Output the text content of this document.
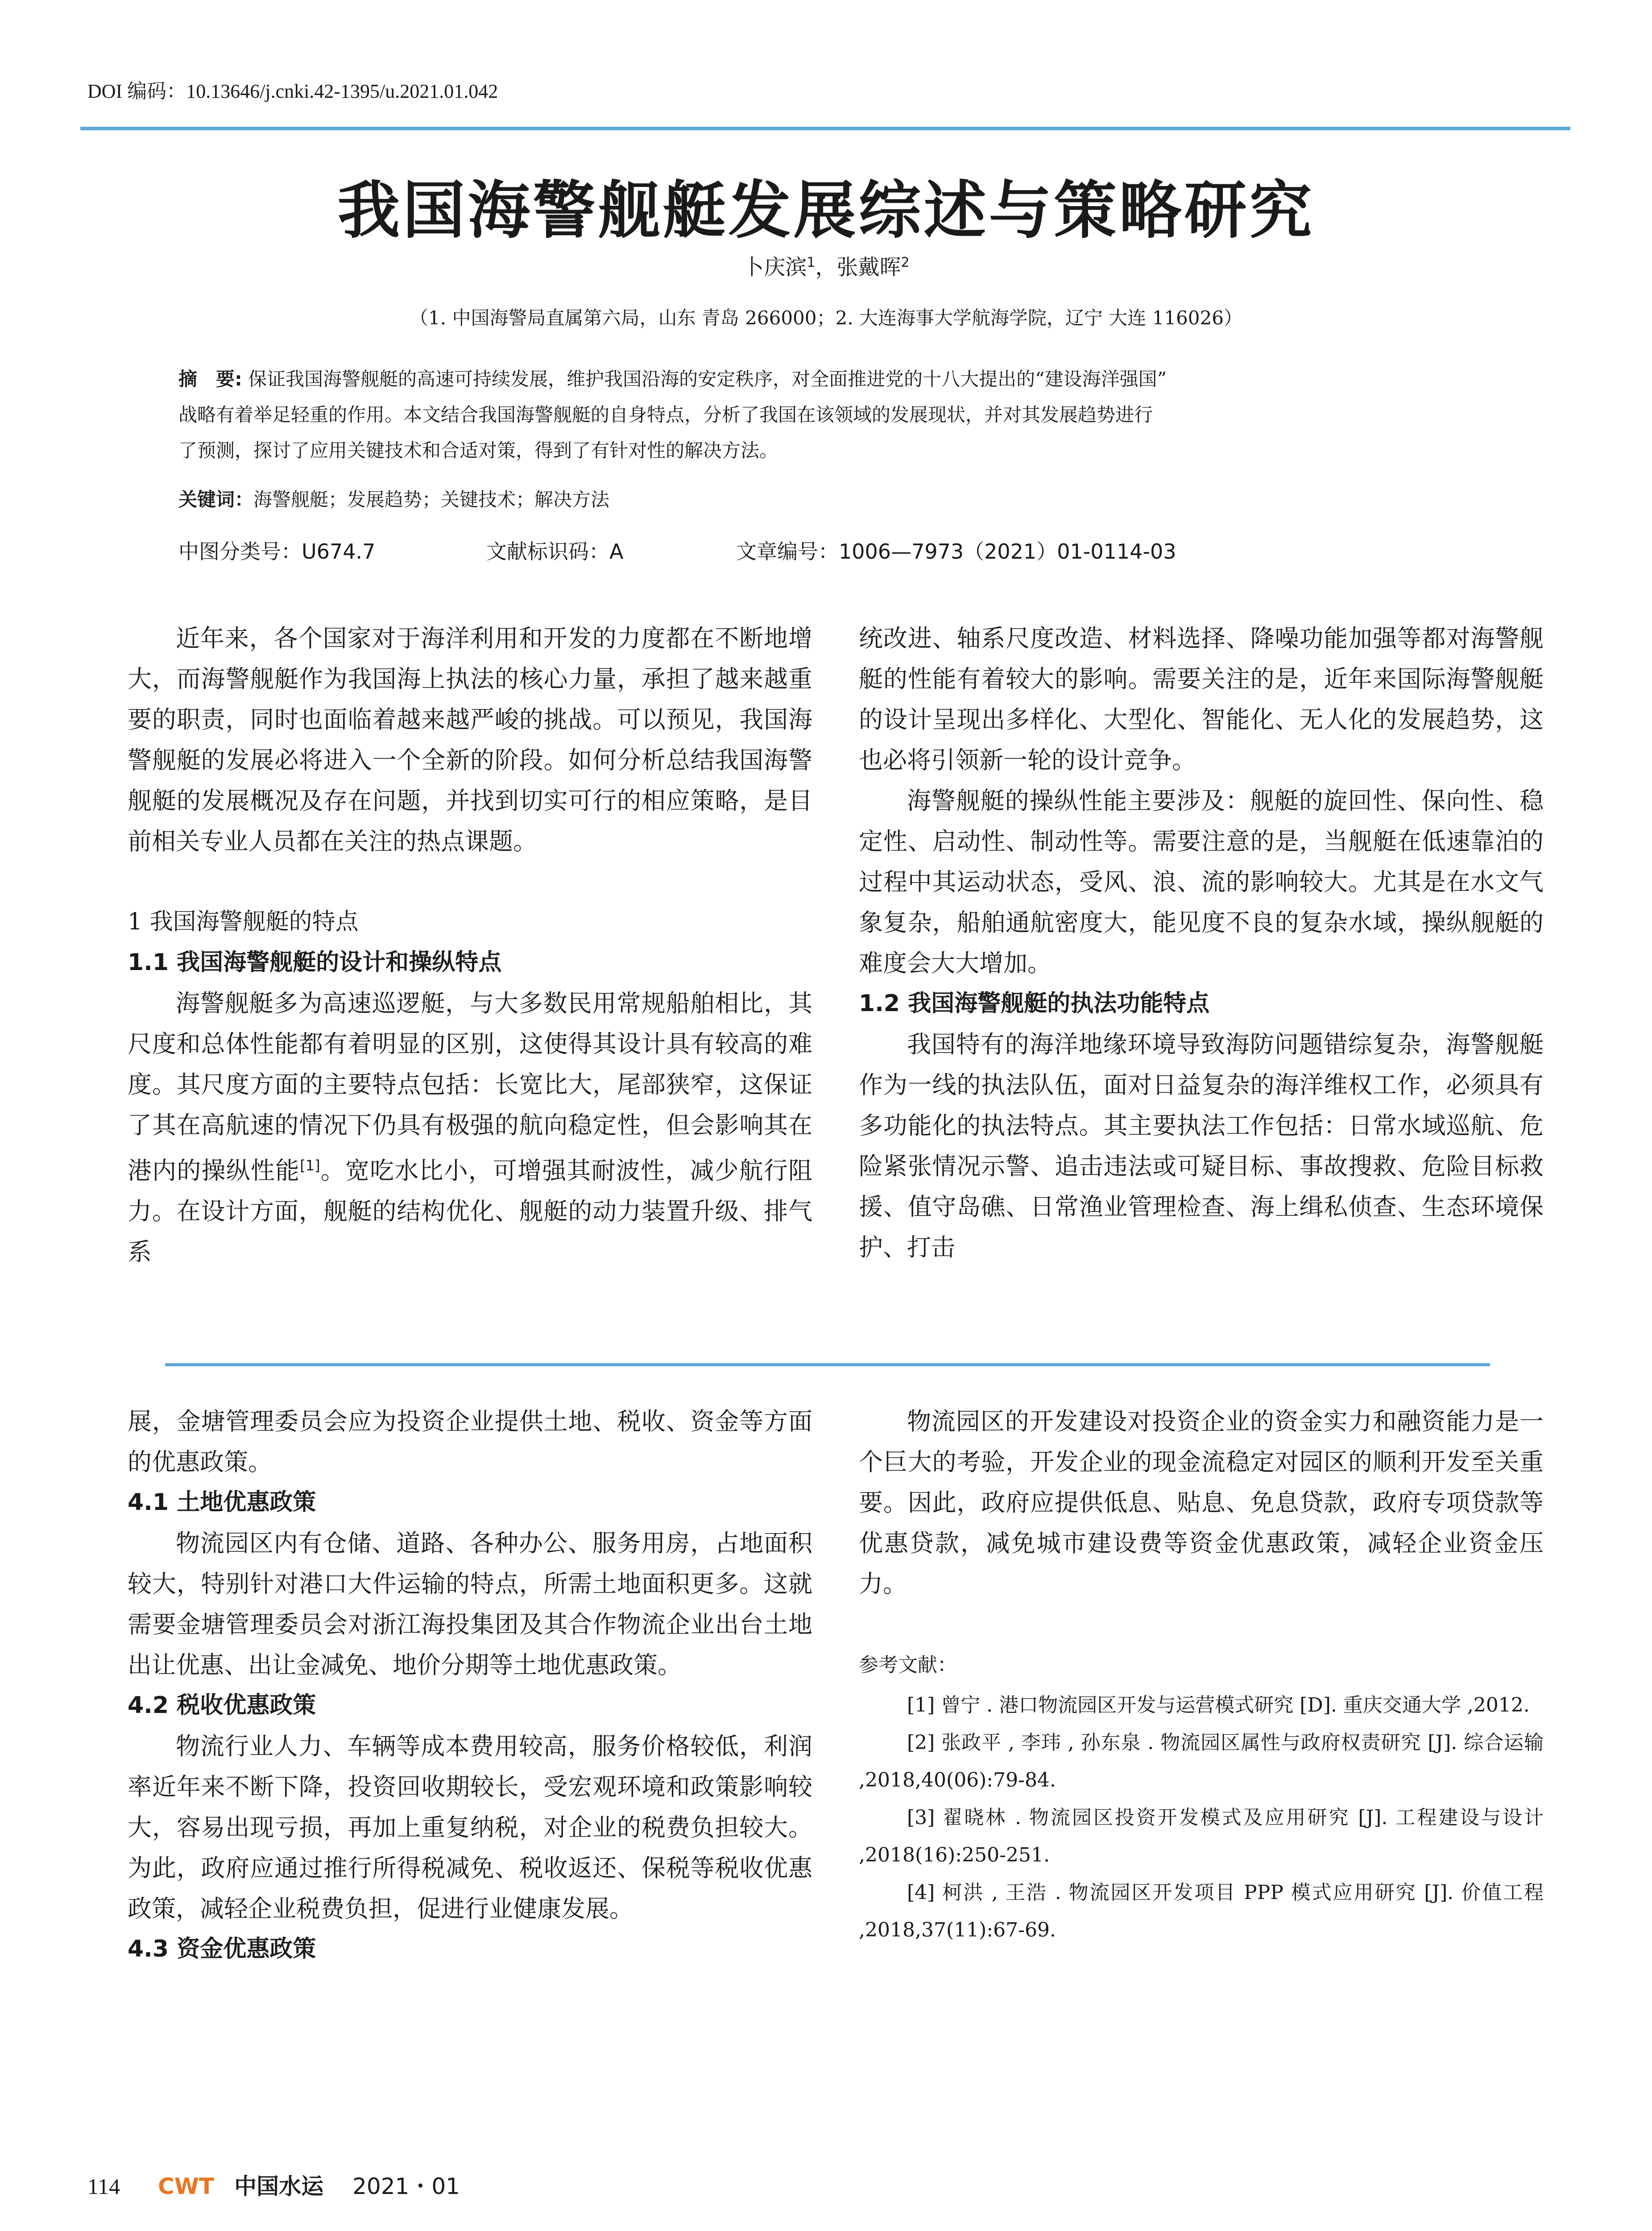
DOI 编码：10.13646/j.cnki.42-1395/u.2021.01.042
我国海警舰艇发展综述与策略研究
卜庆滨$^1$，张戴晖$^2$
（1. 中国海警局直属第六局，山东 青岛 266000；2. 大连海事大学航海学院，辽宁 大连 116026）
摘　要: 保证我国海警舰艇的高速可持续发展，维护我国沿海的安定秩序，对全面推进党的十八大提出的“建设海洋强国”
战略有着举足轻重的作用。本文结合我国海警舰艇的自身特点，分析了我国在该领域的发展现状，并对其发展趋势进行
了预测，探讨了应用关键技术和合适对策，得到了有针对性的解决方法。
关键词：海警舰艇；发展趋势；关键技术；解决方法
中图分类号：U674.7	文献标识码：A	文章编号：1006—7973（2021）01-0114-03

近年来，各个国家对于海洋利用和开发的力度都在不断地增大，而海警舰艇作为我国海上执法的核心力量，承担了越来越重要的职责，同时也面临着越来越严峻的挑战。可以预见，我国海警舰艇的发展必将进入一个全新的阶段。如何分析总结我国海警舰艇的发展概况及存在问题，并找到切实可行的相应策略，是目前相关专业人员都在关注的热点课题。

1 我国海警舰艇的特点

1.1 我国海警舰艇的设计和操纵特点

海警舰艇多为高速巡逻艇，与大多数民用常规船舶相比，其尺度和总体性能都有着明显的区别，这使得其设计具有较高的难度。其尺度方面的主要特点包括：长宽比大，尾部狭窄，这保证了其在高航速的情况下仍具有极强的航向稳定性，但会影响其在港内的操纵性能[1]。宽吃水比小，可增强其耐波性，减少航行阻力。在设计方面，舰艇的结构优化、舰艇的动力装置升级、排气系

统改进、轴系尺度改造、材料选择、降噪功能加强等都对海警舰艇的性能有着较大的影响。需要关注的是，近年来国际海警舰艇的设计呈现出多样化、大型化、智能化、无人化的发展趋势，这也必将引领新一轮的设计竞争。

海警舰艇的操纵性能主要涉及：舰艇的旋回性、保向性、稳定性、启动性、制动性等。需要注意的是，当舰艇在低速靠泊的过程中其运动状态，受风、浪、流的影响较大。尤其是在水文气象复杂，船舶通航密度大，能见度不良的复杂水域，操纵舰艇的难度会大大增加。

1.2 我国海警舰艇的执法功能特点

我国特有的海洋地缘环境导致海防问题错综复杂，海警舰艇作为一线的执法队伍，面对日益复杂的海洋维权工作，必须具有多功能化的执法特点。其主要执法工作包括：日常水域巡航、危险紧张情况示警、追击违法或可疑目标、事故搜救、危险目标救援、值守岛礁、日常渔业管理检查、海上缉私侦查、生态环境保护、打击

展，金塘管理委员会应为投资企业提供土地、税收、资金等方面的优惠政策。

4.1 土地优惠政策

物流园区内有仓储、道路、各种办公、服务用房，占地面积较大，特别针对港口大件运输的特点，所需土地面积更多。这就需要金塘管理委员会对浙江海投集团及其合作物流企业出台土地出让优惠、出让金减免、地价分期等土地优惠政策。

4.2 税收优惠政策

物流行业人力、车辆等成本费用较高，服务价格较低，利润率近年来不断下降，投资回收期较长，受宏观环境和政策影响较大，容易出现亏损，再加上重复纳税，对企业的税费负担较大。为此，政府应通过推行所得税减免、税收返还、保税等税收优惠政策，减轻企业税费负担，促进行业健康发展。

4.3 资金优惠政策

物流园区的开发建设对投资企业的资金实力和融资能力是一个巨大的考验，开发企业的现金流稳定对园区的顺利开发至关重要。因此，政府应提供低息、贴息、免息贷款，政府专项贷款等优惠贷款，减免城市建设费等资金优惠政策，减轻企业资金压力。

参考文献：

[1] 曾宁 . 港口物流园区开发与运营模式研究 [D]. 重庆交通大学 ,2012.

[2] 张政平 , 李玮 , 孙东泉 . 物流园区属性与政府权责研究 [J]. 综合运输 ,2018,40(06):79-84.

[3] 翟晓林 . 物流园区投资开发模式及应用研究 [J]. 工程建设与设计 ,2018(16):250-251.

[4] 柯洪 , 王浩 . 物流园区开发项目 PPP 模式应用研究 [J]. 价值工程 ,2018,37(11):67-69.

114 CWT 中国水运 2021・01
